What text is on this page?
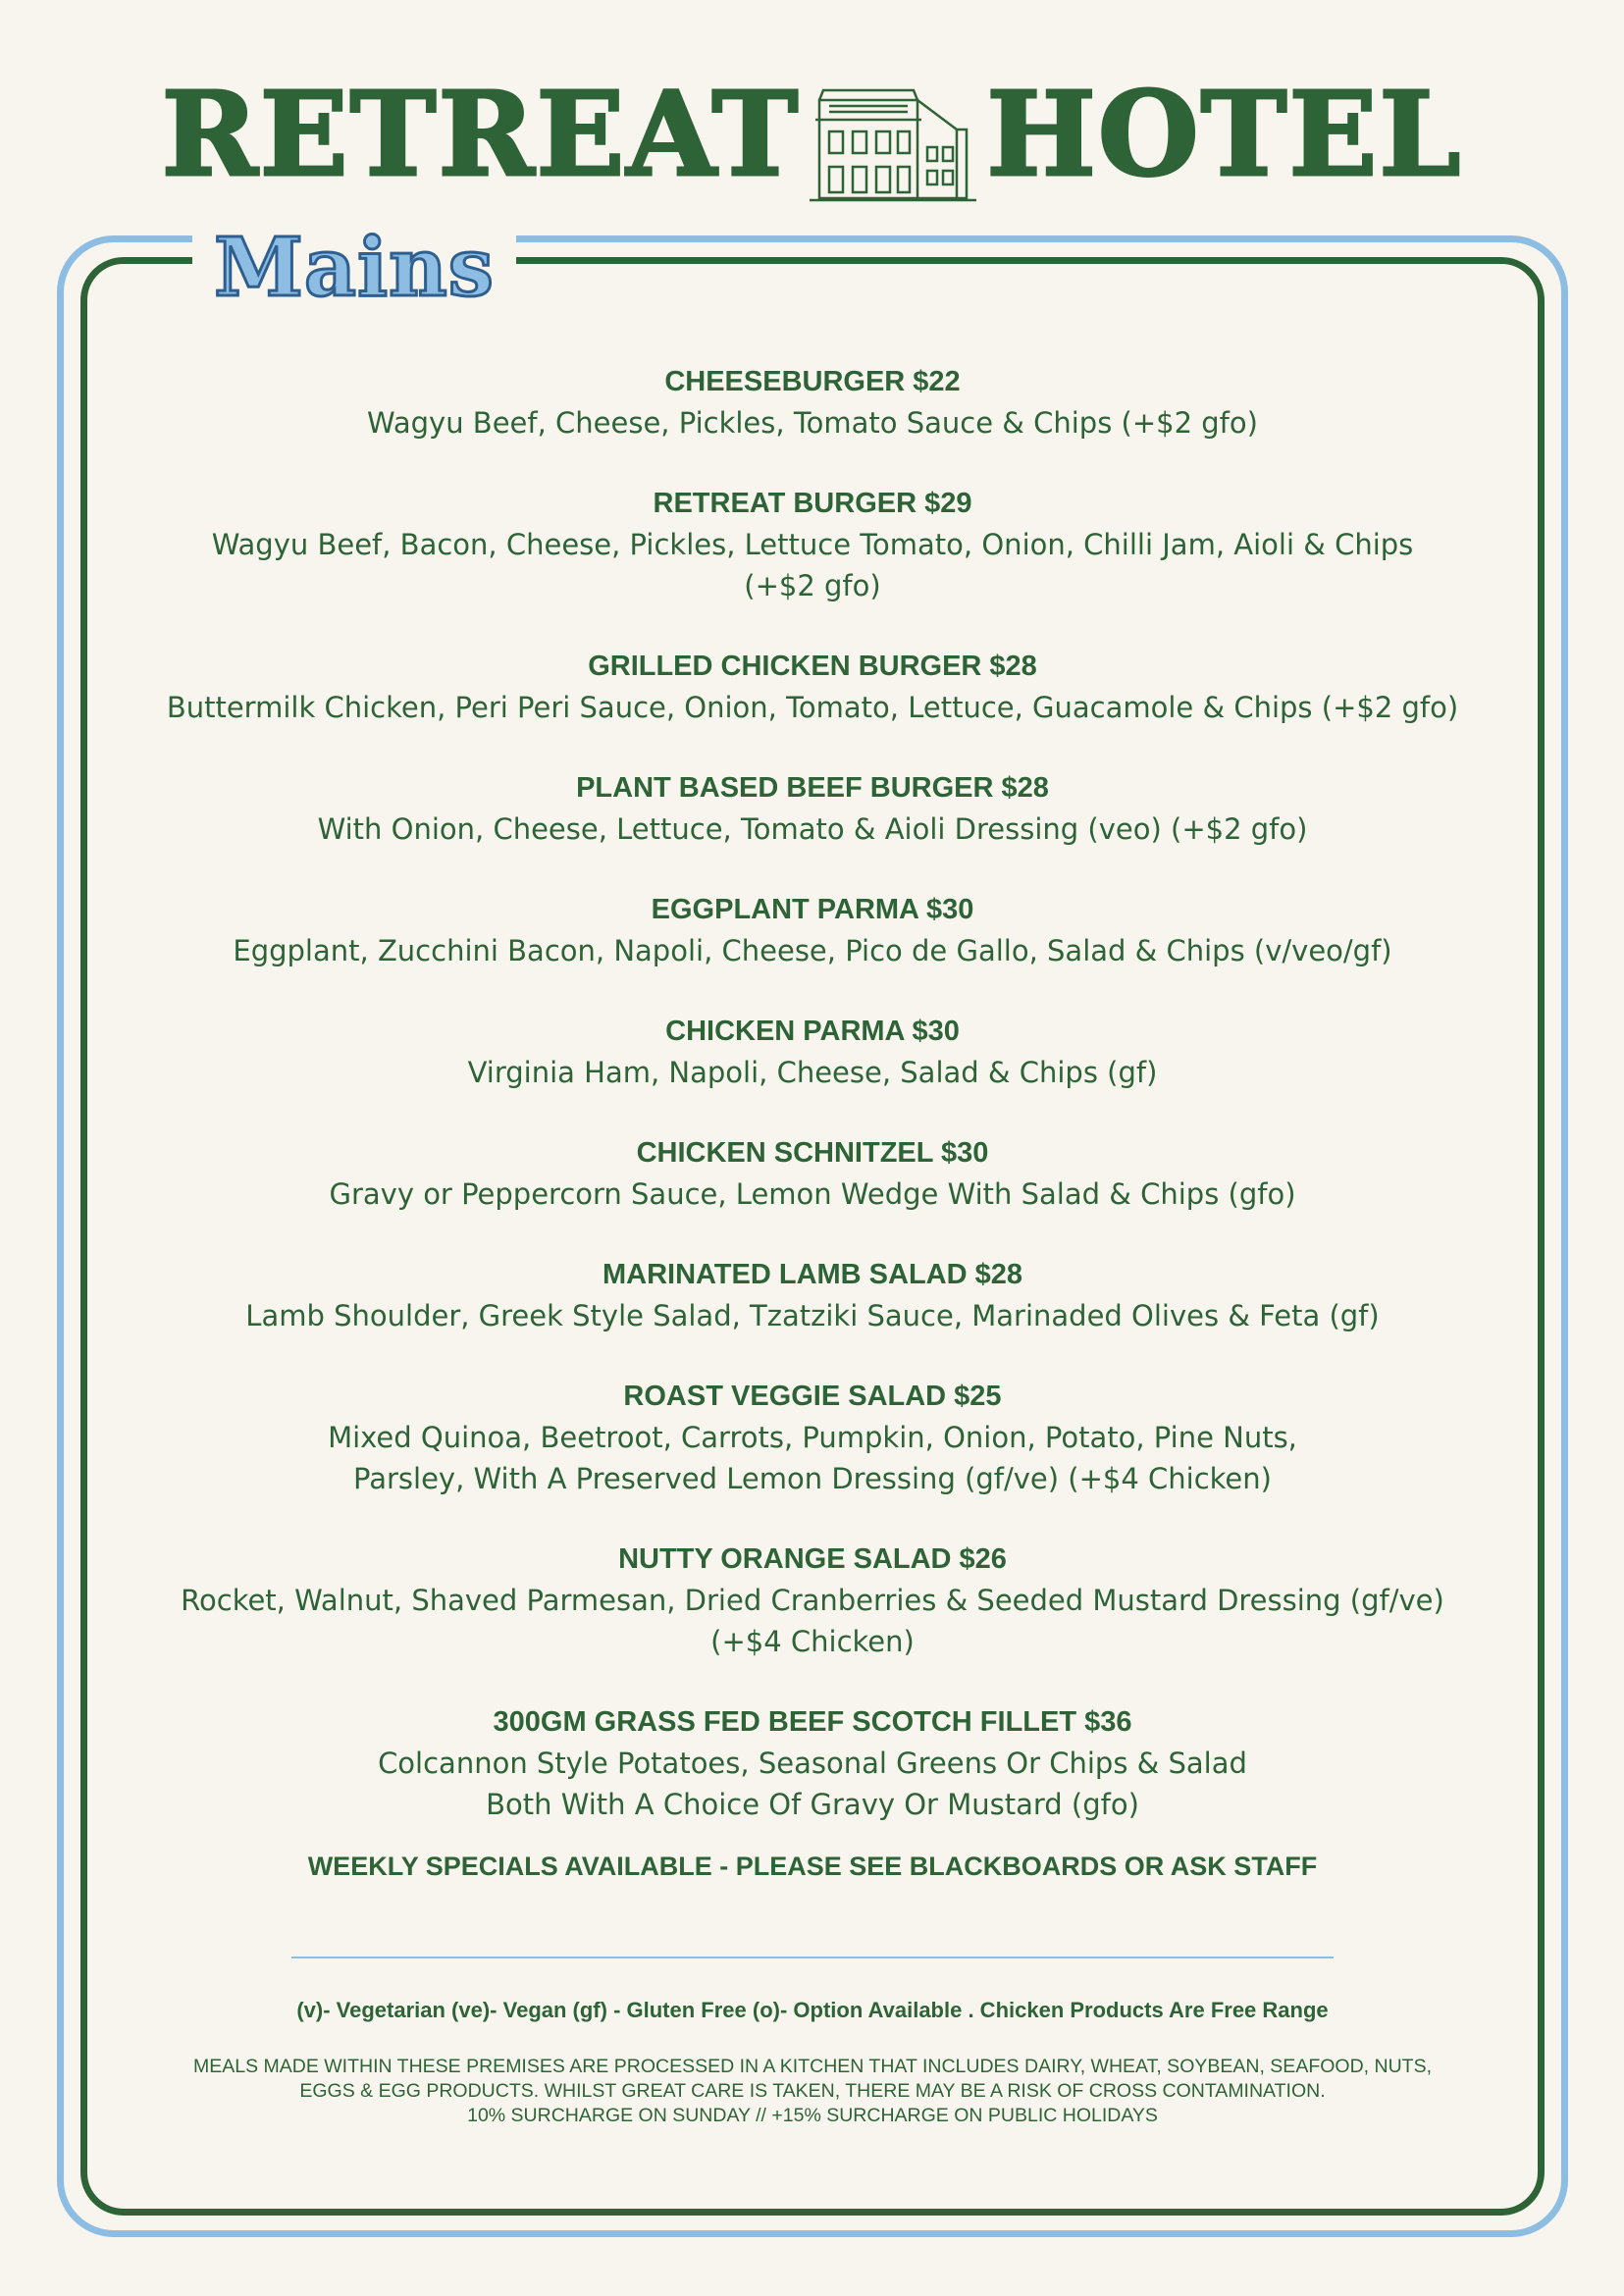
RETREAT HOTEL
Mains
CHEESEBURGER $22
Wagyu Beef, Cheese, Pickles, Tomato Sauce & Chips (+$2 gfo)
RETREAT BURGER $29
Wagyu Beef, Bacon, Cheese, Pickles, Lettuce Tomato, Onion, Chilli Jam, Aioli & Chips
(+$2 gfo)
GRILLED CHICKEN BURGER $28
Buttermilk Chicken, Peri Peri Sauce, Onion, Tomato, Lettuce, Guacamole & Chips (+$2 gfo)
PLANT BASED BEEF BURGER $28
With Onion, Cheese, Lettuce, Tomato & Aioli Dressing (veo) (+$2 gfo)
EGGPLANT PARMA $30
Eggplant, Zucchini Bacon, Napoli, Cheese, Pico de Gallo, Salad & Chips (v/veo/gf)
CHICKEN PARMA $30
Virginia Ham, Napoli, Cheese, Salad & Chips (gf)
CHICKEN SCHNITZEL $30
Gravy or Peppercorn Sauce, Lemon Wedge With Salad & Chips (gfo)
MARINATED LAMB SALAD $28
Lamb Shoulder, Greek Style Salad, Tzatziki Sauce, Marinaded Olives & Feta (gf)
ROAST VEGGIE SALAD $25
Mixed Quinoa, Beetroot, Carrots, Pumpkin, Onion, Potato, Pine Nuts,
Parsley, With A Preserved Lemon Dressing (gf/ve) (+$4 Chicken)
NUTTY ORANGE SALAD $26
Rocket, Walnut, Shaved Parmesan, Dried Cranberries & Seeded Mustard Dressing (gf/ve)
(+$4 Chicken)
300GM GRASS FED BEEF SCOTCH FILLET $36
Colcannon Style Potatoes, Seasonal Greens Or Chips & Salad
Both With A Choice Of Gravy Or Mustard (gfo)
WEEKLY SPECIALS AVAILABLE - PLEASE SEE BLACKBOARDS OR ASK STAFF
(v)- Vegetarian (ve)- Vegan (gf) - Gluten Free (o)- Option Available . Chicken Products Are Free Range
MEALS MADE WITHIN THESE PREMISES ARE PROCESSED IN A KITCHEN THAT INCLUDES DAIRY, WHEAT, SOYBEAN, SEAFOOD, NUTS,
EGGS & EGG PRODUCTS. WHILST GREAT CARE IS TAKEN, THERE MAY BE A RISK OF CROSS CONTAMINATION.
10% SURCHARGE ON SUNDAY // +15% SURCHARGE ON PUBLIC HOLIDAYS
